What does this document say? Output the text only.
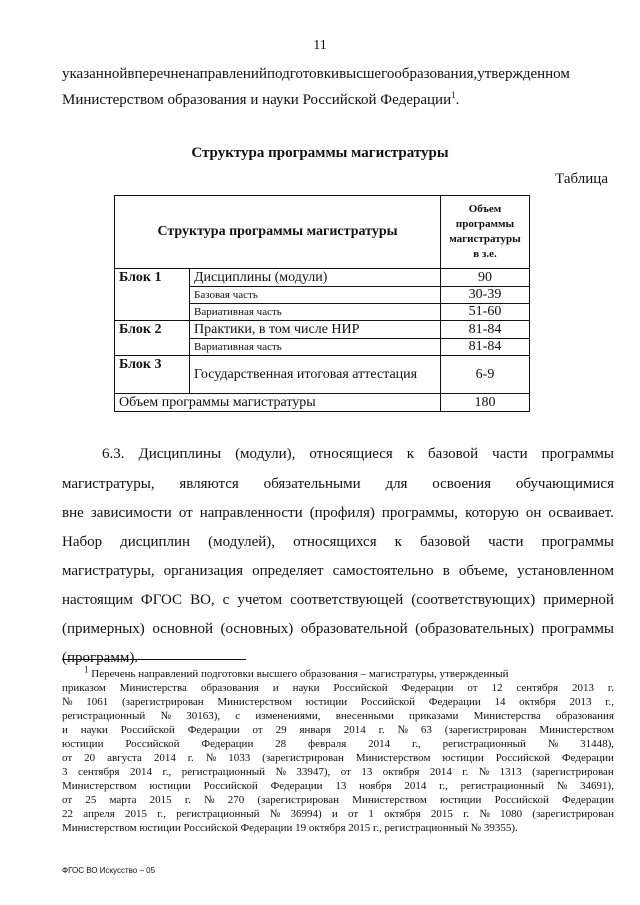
11
указанной в перечне направлений подготовки высшего образования, утвержденном
Министерством образования и науки Российской Федерации$^1$.
Структура программы магистратуры
Таблица
Структура программы магистратуры		Объем
программы
магистратуры
в з.е.

Блок 1	Дисциплины (модули)	90
	Базовая часть	30-39
	Вариативная часть	51-60
Блок 2	Практики, в том числе НИР	81-84
	Вариативная часть	81-84
Блок 3	Государственная итоговая аттестация	6-9
Объем программы магистратуры		180
6.3. Дисциплины (модули), относящиеся к базовой части программы
магистратуры, являются обязательными для освоения обучающимися
вне зависимости от направленности (профиля) программы, которую он осваивает.
Набор дисциплин (модулей), относящихся к базовой части программы
магистратуры, организация определяет самостоятельно в объеме, установленном
настоящим ФГОС ВО, с учетом соответствующей (соответствующих) примерной
(примерных) основной (основных) образовательной (образовательных) программы
(программ).
$^1$ Перечень направлений подготовки высшего образования – магистратуры, утвержденный
приказом Министерства образования и науки Российской Федерации от 12 сентября 2013 г.
№ 1061 (зарегистрирован Министерством юстиции Российской Федерации 14 октября 2013 г.,
регистрационный № 30163), с изменениями, внесенными приказами Министерства образования
и науки Российской Федерации от 29 января 2014 г. № 63 (зарегистрирован Министерством
юстиции Российской Федерации 28 февраля 2014 г., регистрационный № 31448),
от 20 августа 2014 г. № 1033 (зарегистрирован Министерством юстиции Российской Федерации
3 сентября 2014 г., регистрационный № 33947), от 13 октября 2014 г. № 1313 (зарегистрирован
Министерством юстиции Российской Федерации 13 ноября 2014 г., регистрационный № 34691),
от 25 марта 2015 г. № 270 (зарегистрирован Министерством юстиции Российской Федерации
22 апреля 2015 г., регистрационный № 36994) и от 1 октября 2015 г. № 1080 (зарегистрирован
Министерством юстиции Российской Федерации 19 октября 2015 г., регистрационный № 39355).
ФГОС ВО Искусство – 05
